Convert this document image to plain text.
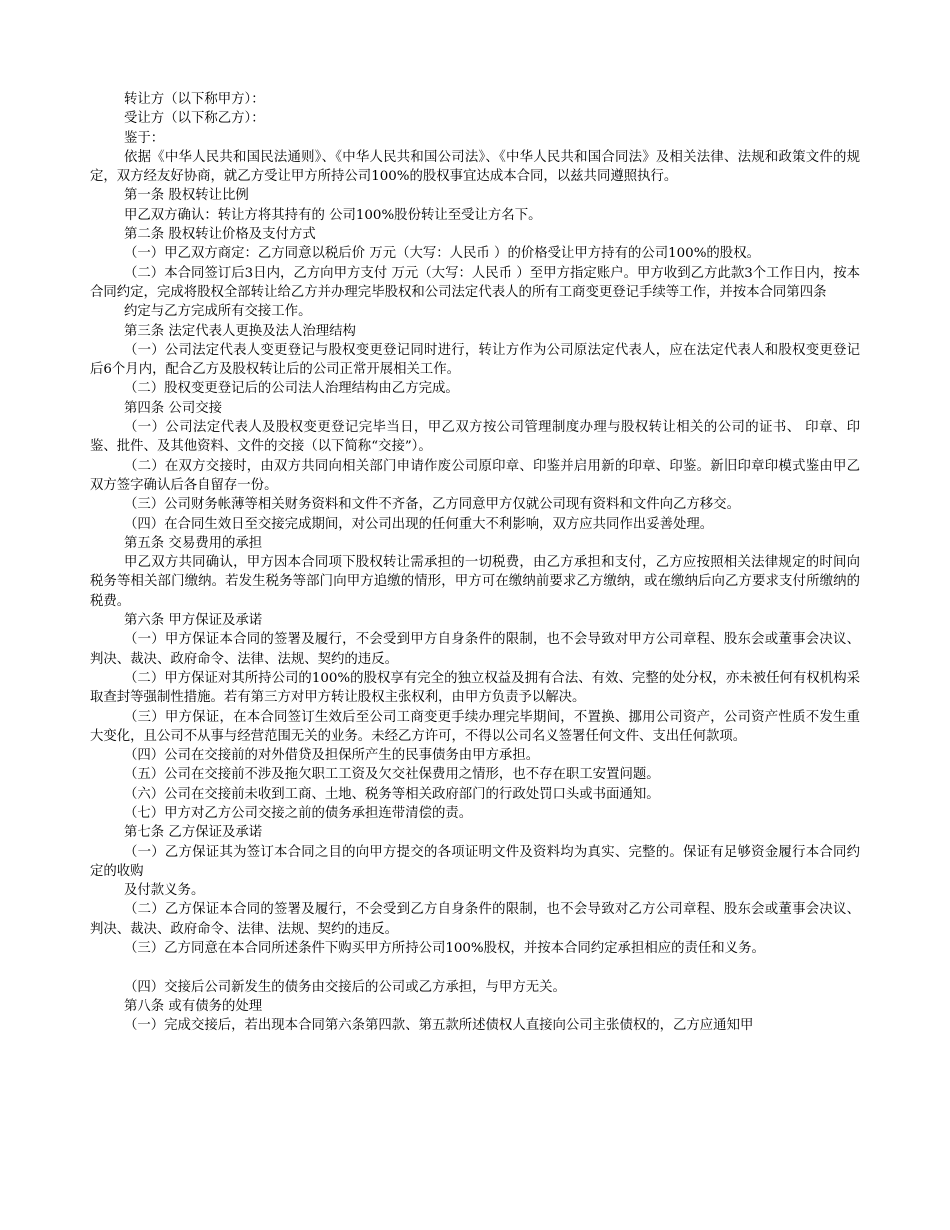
转让方（以下称甲方）：

受让方（以下称乙方）：

鉴于：

依据《中华人民共和国民法通则》、《中华人民共和国公司法》、《中华人民共和国合同法》及相关法律、法规和政策文件的规定，双方经友好协商，就乙方受让甲方所持公司100%的股权事宜达成本合同，以兹共同遵照执行。

第一条 股权转让比例

甲乙双方确认：转让方将其持有的 公司100%股份转让至受让方名下。

第二条 股权转让价格及支付方式

（一）甲乙双方商定：乙方同意以税后价 万元（大写：人民币 ）的价格受让甲方持有的公司100%的股权。

（二）本合同签订后3日内，乙方向甲方支付 万元（大写：人民币 ）至甲方指定账户。甲方收到乙方此款3个工作日内，按本合同约定，完成将股权全部转让给乙方并办理完毕股权和公司法定代表人的所有工商变更登记手续等工作，并按本合同第四条

约定与乙方完成所有交接工作。

第三条 法定代表人更换及法人治理结构

（一）公司法定代表人变更登记与股权变更登记同时进行，转让方作为公司原法定代表人，应在法定代表人和股权变更登记后6个月内，配合乙方及股权转让后的公司正常开展相关工作。

（二）股权变更登记后的公司法人治理结构由乙方完成。

第四条 公司交接

（一）公司法定代表人及股权变更登记完毕当日，甲乙双方按公司管理制度办理与股权转让相关的公司的证书、 印章、印鉴、批件、及其他资料、文件的交接（以下简称“交接”）。

（二）在双方交接时，由双方共同向相关部门申请作废公司原印章、印鉴并启用新的印章、印鉴。新旧印章印模式鉴由甲乙双方签字确认后各自留存一份。

（三）公司财务帐薄等相关财务资料和文件不齐备，乙方同意甲方仅就公司现有资料和文件向乙方移交。

（四）在合同生效日至交接完成期间，对公司出现的任何重大不利影响，双方应共同作出妥善处理。

第五条 交易费用的承担

甲乙双方共同确认，甲方因本合同项下股权转让需承担的一切税费，由乙方承担和支付，乙方应按照相关法律规定的时间向税务等相关部门缴纳。若发生税务等部门向甲方追缴的情形，甲方可在缴纳前要求乙方缴纳，或在缴纳后向乙方要求支付所缴纳的税费。

第六条 甲方保证及承诺

（一）甲方保证本合同的签署及履行，不会受到甲方自身条件的限制，也不会导致对甲方公司章程、股东会或董事会决议、判决、裁决、政府命令、法律、法规、契约的违反。

（二）甲方保证对其所持公司的100%的股权享有完全的独立权益及拥有合法、有效、完整的处分权，亦未被任何有权机构采取查封等强制性措施。若有第三方对甲方转让股权主张权利，由甲方负责予以解决。

（三）甲方保证，在本合同签订生效后至公司工商变更手续办理完毕期间，不置换、挪用公司资产，公司资产性质不发生重大变化，且公司不从事与经营范围无关的业务。未经乙方许可，不得以公司名义签署任何文件、支出任何款项。

（四）公司在交接前的对外借贷及担保所产生的民事债务由甲方承担。

（五）公司在交接前不涉及拖欠职工工资及欠交社保费用之情形，也不存在职工安置问题。

（六）公司在交接前未收到工商、土地、税务等相关政府部门的行政处罚口头或书面通知。

（七）甲方对乙方公司交接之前的债务承担连带清偿的责。

第七条 乙方保证及承诺

（一）乙方保证其为签订本合同之目的向甲方提交的各项证明文件及资料均为真实、完整的。保证有足够资金履行本合同约定的收购

及付款义务。

（二）乙方保证本合同的签署及履行，不会受到乙方自身条件的限制，也不会导致对乙方公司章程、股东会或董事会决议、判决、裁决、政府命令、法律、法规、契约的违反。

（三）乙方同意在本合同所述条件下购买甲方所持公司100%股权，并按本合同约定承担相应的责任和义务。

（四）交接后公司新发生的债务由交接后的公司或乙方承担，与甲方无关。

第八条 或有债务的处理

（一）完成交接后，若出现本合同第六条第四款、第五款所述债权人直接向公司主张债权的，乙方应通知甲
